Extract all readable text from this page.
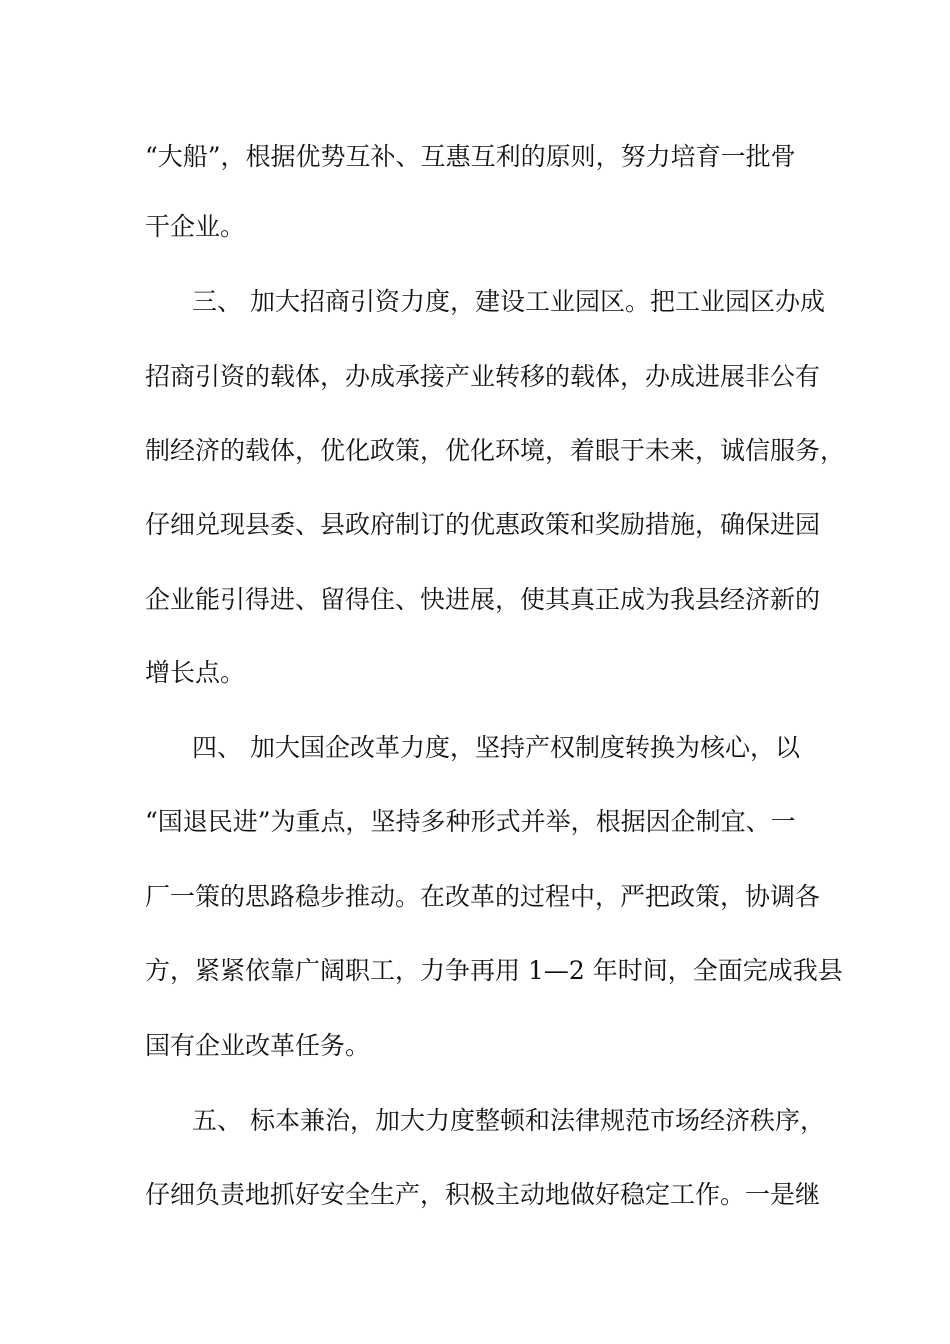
“大船”，根据优势互补、互惠互利的原则，努力培育一批骨
干企业。
三、 加大招商引资力度，建设工业园区。把工业园区办成
招商引资的载体，办成承接产业转移的载体，办成进展非公有
制经济的载体，优化政策，优化环境，着眼于未来，诚信服务，
仔细兑现县委、县政府制订的优惠政策和奖励措施，确保进园
企业能引得进、留得住、快进展，使其真正成为我县经济新的
增长点。
四、 加大国企改革力度，坚持产权制度转换为核心，以
“国退民进”为重点，坚持多种形式并举，根据因企制宜、一
厂一策的思路稳步推动。在改革的过程中，严把政策，协调各
方，紧紧依靠广阔职工，力争再用 1—2 年时间，全面完成我县
国有企业改革任务。
五、 标本兼治，加大力度整顿和法律规范市场经济秩序，
仔细负责地抓好安全生产，积极主动地做好稳定工作。一是继
